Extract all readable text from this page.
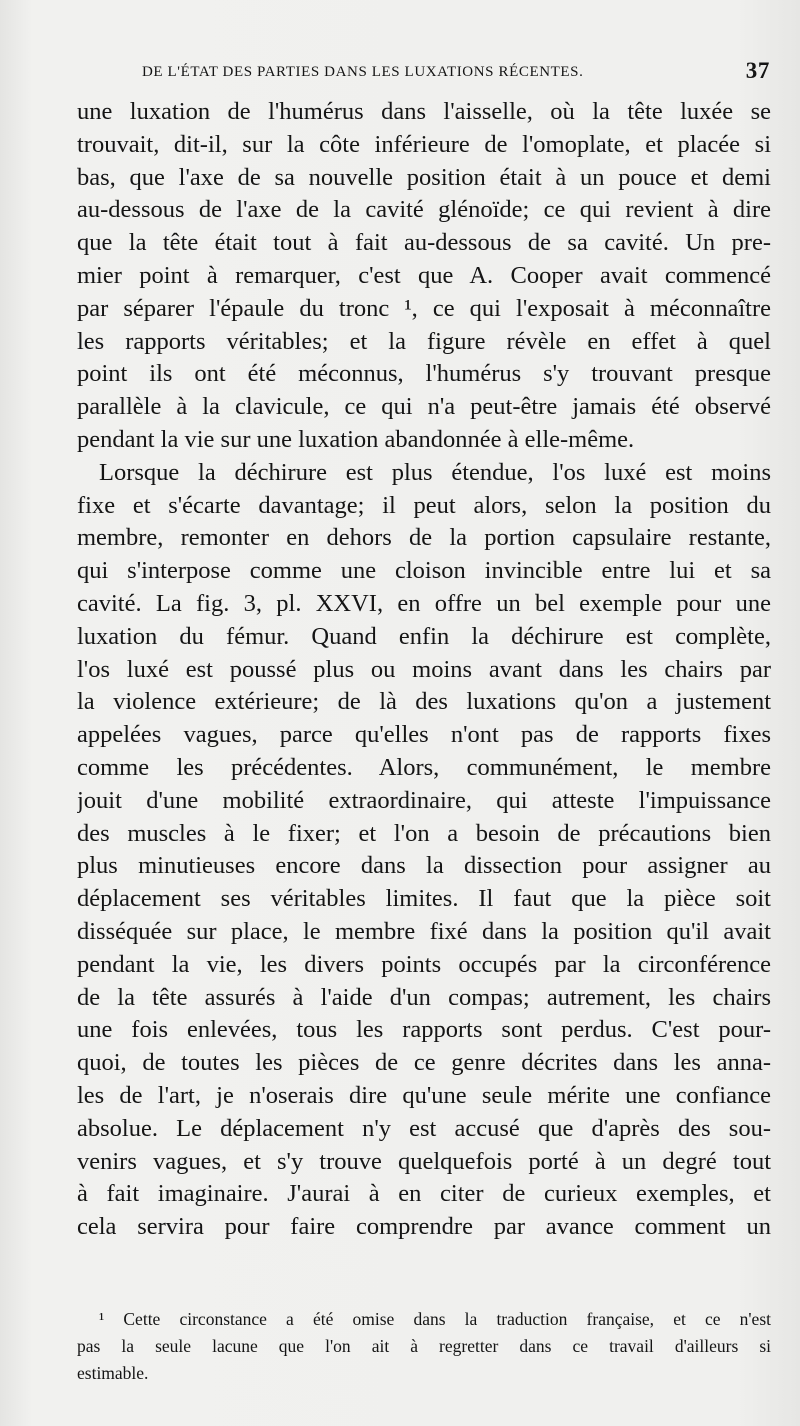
DE L'ÉTAT DES PARTIES DANS LES LUXATIONS RÉCENTES.	37
une luxation de l'humérus dans l'aisselle, où la tête luxée se
trouvait, dit-il, sur la côte inférieure de l'omoplate, et placée si
bas, que l'axe de sa nouvelle position était à un pouce et demi
au-dessous de l'axe de la cavité glénoïde; ce qui revient à dire
que la tête était tout à fait au-dessous de sa cavité. Un pre-
mier point à remarquer, c'est que A. Cooper avait commencé
par séparer l'épaule du tronc ¹, ce qui l'exposait à méconnaître
les rapports véritables; et la figure révèle en effet à quel
point ils ont été méconnus, l'humérus s'y trouvant presque
parallèle à la clavicule, ce qui n'a peut-être jamais été observé
pendant la vie sur une luxation abandonnée à elle-même.
Lorsque la déchirure est plus étendue, l'os luxé est moins
fixe et s'écarte davantage; il peut alors, selon la position du
membre, remonter en dehors de la portion capsulaire restante,
qui s'interpose comme une cloison invincible entre lui et sa
cavité. La fig. 3, pl. XXVI, en offre un bel exemple pour une
luxation du fémur. Quand enfin la déchirure est complète,
l'os luxé est poussé plus ou moins avant dans les chairs par
la violence extérieure; de là des luxations qu'on a justement
appelées vagues, parce qu'elles n'ont pas de rapports fixes
comme les précédentes. Alors, communément, le membre
jouit d'une mobilité extraordinaire, qui atteste l'impuissance
des muscles à le fixer; et l'on a besoin de précautions bien
plus minutieuses encore dans la dissection pour assigner au
déplacement ses véritables limites. Il faut que la pièce soit
disséquée sur place, le membre fixé dans la position qu'il avait
pendant la vie, les divers points occupés par la circonférence
de la tête assurés à l'aide d'un compas; autrement, les chairs
une fois enlevées, tous les rapports sont perdus. C'est pour-
quoi, de toutes les pièces de ce genre décrites dans les anna-
les de l'art, je n'oserais dire qu'une seule mérite une confiance
absolue. Le déplacement n'y est accusé que d'après des sou-
venirs vagues, et s'y trouve quelquefois porté à un degré tout
à fait imaginaire. J'aurai à en citer de curieux exemples, et
cela servira pour faire comprendre par avance comment un
¹ Cette circonstance a été omise dans la traduction française, et ce n'est
pas la seule lacune que l'on ait à regretter dans ce travail d'ailleurs si
estimable.
